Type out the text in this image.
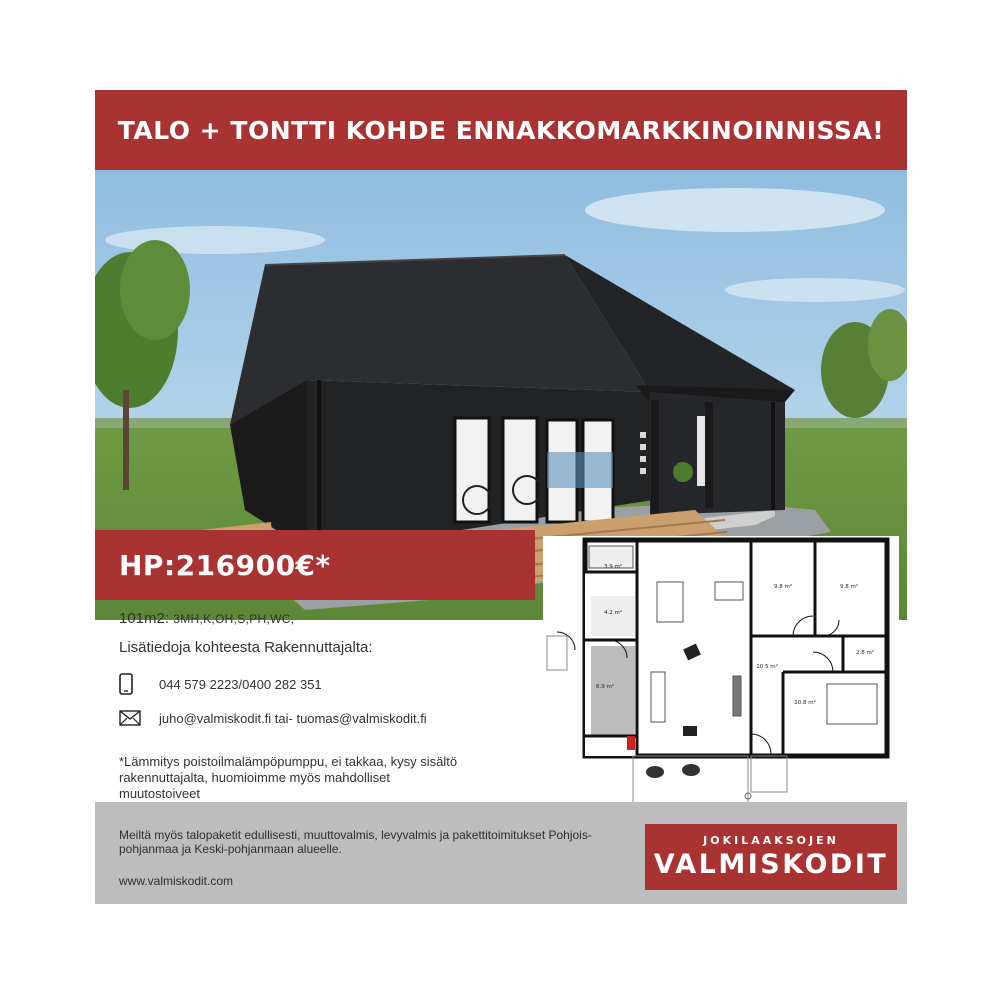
TALO + TONTTI KOHDE ENNAKKOMARKKINOINNISSA!
HP:216900€*	3.9 m²
4.2 m²
6.9 m²
9.8 m²	9.8 m²
2.8 m²
10.5 m²
10.8 m²
101m2: 3MH,K,OH,S,PH,WC,
Lisätiedoja kohteesta Rakennuttajalta:
044 579 2223/0400 282 351
juho@valmiskodit.fi tai- tuomas@valmiskodit.fi
*Lämmitys poistoilmalämpöpumppu, ei takkaa, kysy sisältö rakennuttajalta, huomioimme myös mahdolliset muutostoiveet
Meiltä myös talopaketit edullisesti, muuttovalmis, levyvalmis ja pakettitoimitukset Pohjois-pohjanmaa ja Keski-pohjanmaan alueelle.
www.valmiskodit.com
JOKILAAKSOJEN
VALMISKODIT
